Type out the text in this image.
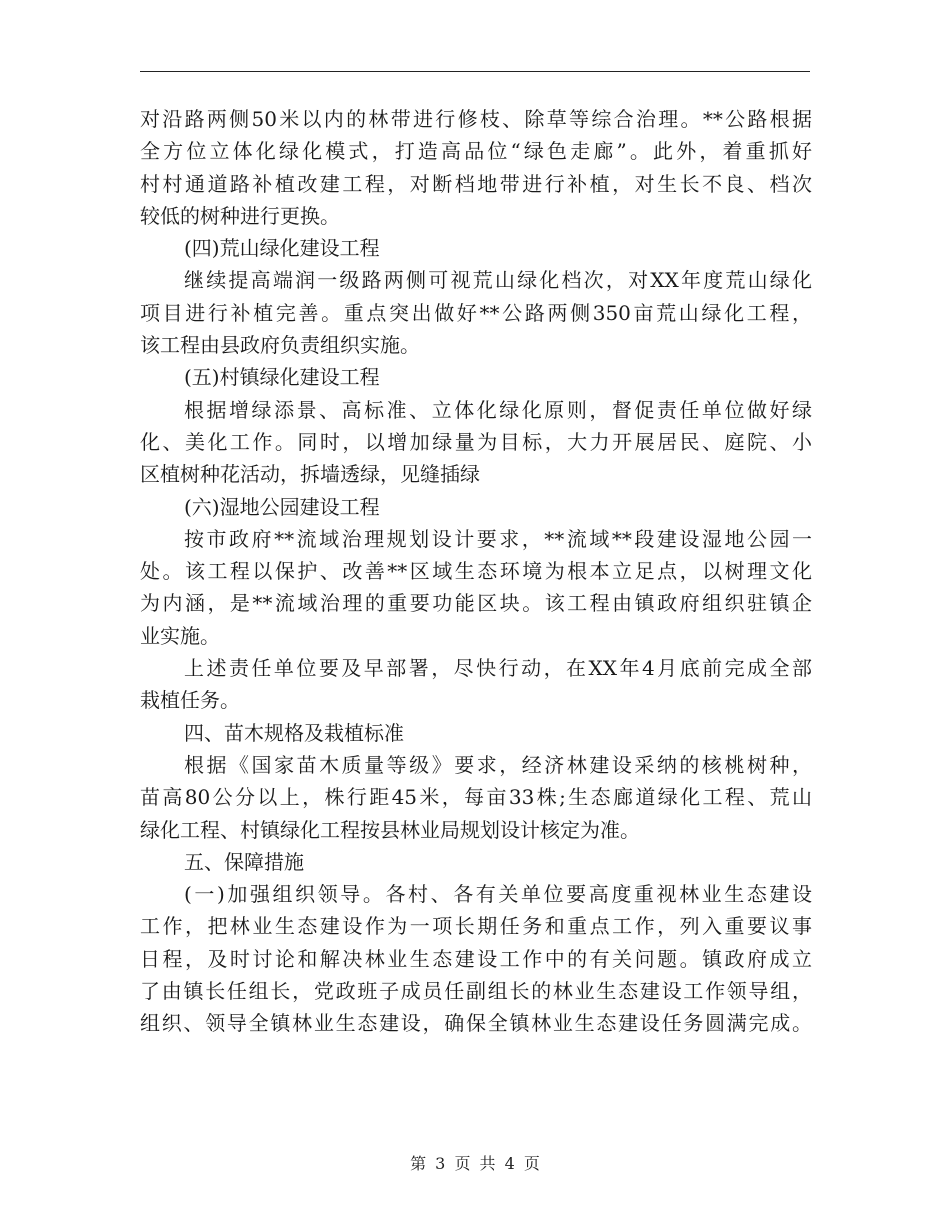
对沿路两侧50米以内的林带进行修枝、除草等综合治理。**公路根据
全方位立体化绿化模式，打造高品位“绿色走廊”。此外，着重抓好
村村通道路补植改建工程，对断档地带进行补植，对生长不良、档次
较低的树种进行更换。
(四)荒山绿化建设工程
继续提高端润一级路两侧可视荒山绿化档次，对XX年度荒山绿化
项目进行补植完善。重点突出做好**公路两侧350亩荒山绿化工程，
该工程由县政府负责组织实施。
(五)村镇绿化建设工程
根据增绿添景、高标准、立体化绿化原则，督促责任单位做好绿
化、美化工作。同时，以增加绿量为目标，大力开展居民、庭院、小
区植树种花活动，拆墙透绿，见缝插绿
(六)湿地公园建设工程
按市政府**流域治理规划设计要求，**流域**段建设湿地公园一
处。该工程以保护、改善**区域生态环境为根本立足点，以树理文化
为内涵，是**流域治理的重要功能区块。该工程由镇政府组织驻镇企
业实施。
上述责任单位要及早部署，尽快行动，在XX年4月底前完成全部
栽植任务。
四、苗木规格及栽植标准
根据《国家苗木质量等级》要求，经济林建设采纳的核桃树种，
苗高80公分以上，株行距45米，每亩33株;生态廊道绿化工程、荒山
绿化工程、村镇绿化工程按县林业局规划设计核定为准。
五、保障措施
(一)加强组织领导。各村、各有关单位要高度重视林业生态建设
工作，把林业生态建设作为一项长期任务和重点工作，列入重要议事
日程，及时讨论和解决林业生态建设工作中的有关问题。镇政府成立
了由镇长任组长，党政班子成员任副组长的林业生态建设工作领导组，
组织、领导全镇林业生态建设，确保全镇林业生态建设任务圆满完成。
第 3 页 共 4 页
